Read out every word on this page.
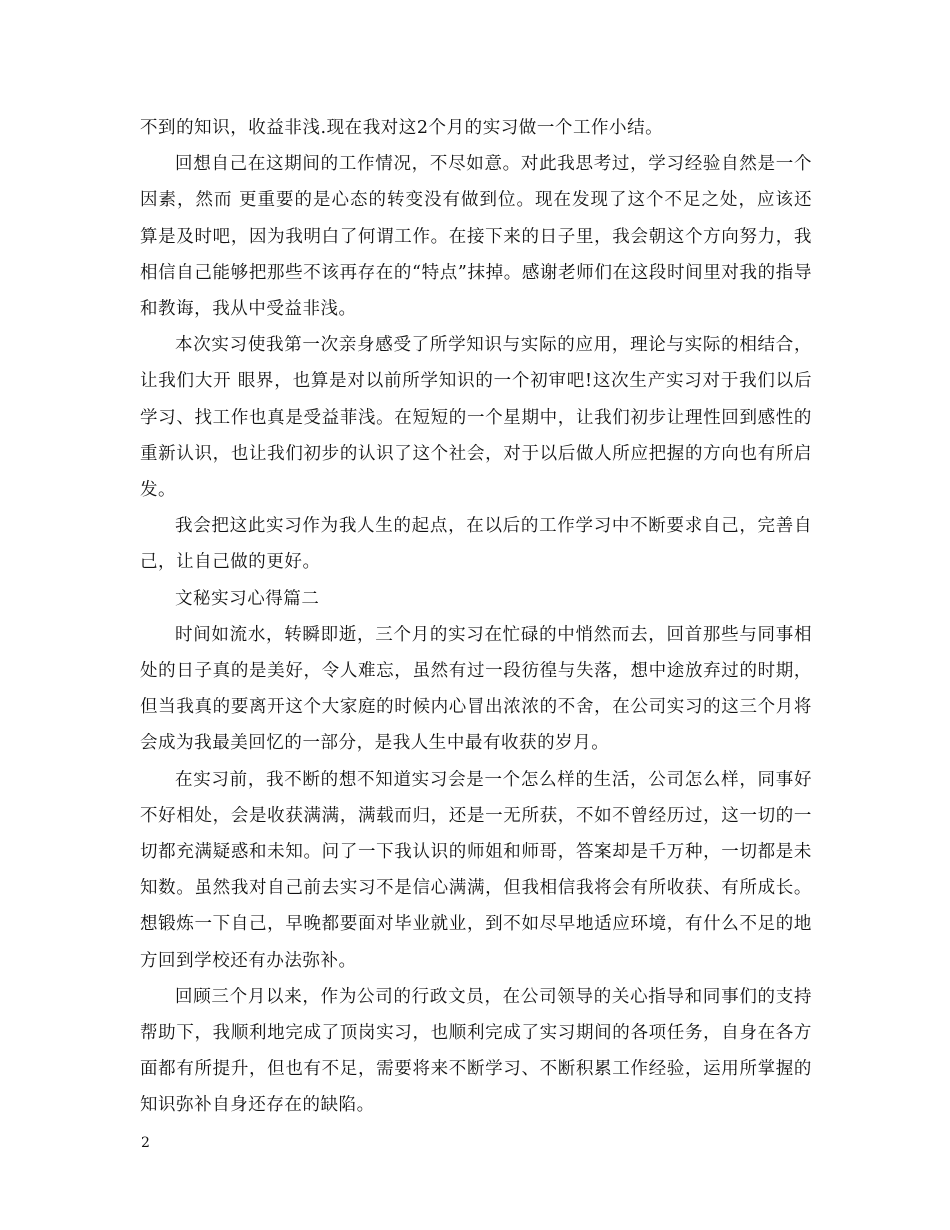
不到的知识，收益非浅.现在我对这2个月的实习做一个工作小结。

回想自己在这期间的工作情况，不尽如意。对此我思考过，学习经验自然是一个因素，然而 更重要的是心态的转变没有做到位。现在发现了这个不足之处，应该还算是及时吧，因为我明白了何谓工作。在接下来的日子里，我会朝这个方向努力，我相信自己能够把那些不该再存在的“特点”抹掉。感谢老师们在这段时间里对我的指导和教诲，我从中受益非浅。

本次实习使我第一次亲身感受了所学知识与实际的应用，理论与实际的相结合，让我们大开 眼界，也算是对以前所学知识的一个初审吧!这次生产实习对于我们以后学习、找工作也真是受益菲浅。在短短的一个星期中，让我们初步让理性回到感性的重新认识，也让我们初步的认识了这个社会，对于以后做人所应把握的方向也有所启发。

我会把这此实习作为我人生的起点，在以后的工作学习中不断要求自己，完善自己，让自己做的更好。

文秘实习心得篇二

时间如流水，转瞬即逝，三个月的实习在忙碌的中悄然而去，回首那些与同事相处的日子真的是美好，令人难忘，虽然有过一段彷徨与失落，想中途放弃过的时期，但当我真的要离开这个大家庭的时候内心冒出浓浓的不舍，在公司实习的这三个月将会成为我最美回忆的一部分，是我人生中最有收获的岁月。

在实习前，我不断的想不知道实习会是一个怎么样的生活，公司怎么样，同事好不好相处，会是收获满满，满载而归，还是一无所获，不如不曾经历过，这一切的一切都充满疑惑和未知。问了一下我认识的师姐和师哥，答案却是千万种，一切都是未知数。虽然我对自己前去实习不是信心满满，但我相信我将会有所收获、有所成长。想锻炼一下自己，早晚都要面对毕业就业，到不如尽早地适应环境，有什么不足的地方回到学校还有办法弥补。

回顾三个月以来，作为公司的行政文员，在公司领导的关心指导和同事们的支持帮助下，我顺利地完成了顶岗实习，也顺利完成了实习期间的各项任务，自身在各方面都有所提升，但也有不足，需要将来不断学习、不断积累工作经验，运用所掌握的知识弥补自身还存在的缺陷。

2
